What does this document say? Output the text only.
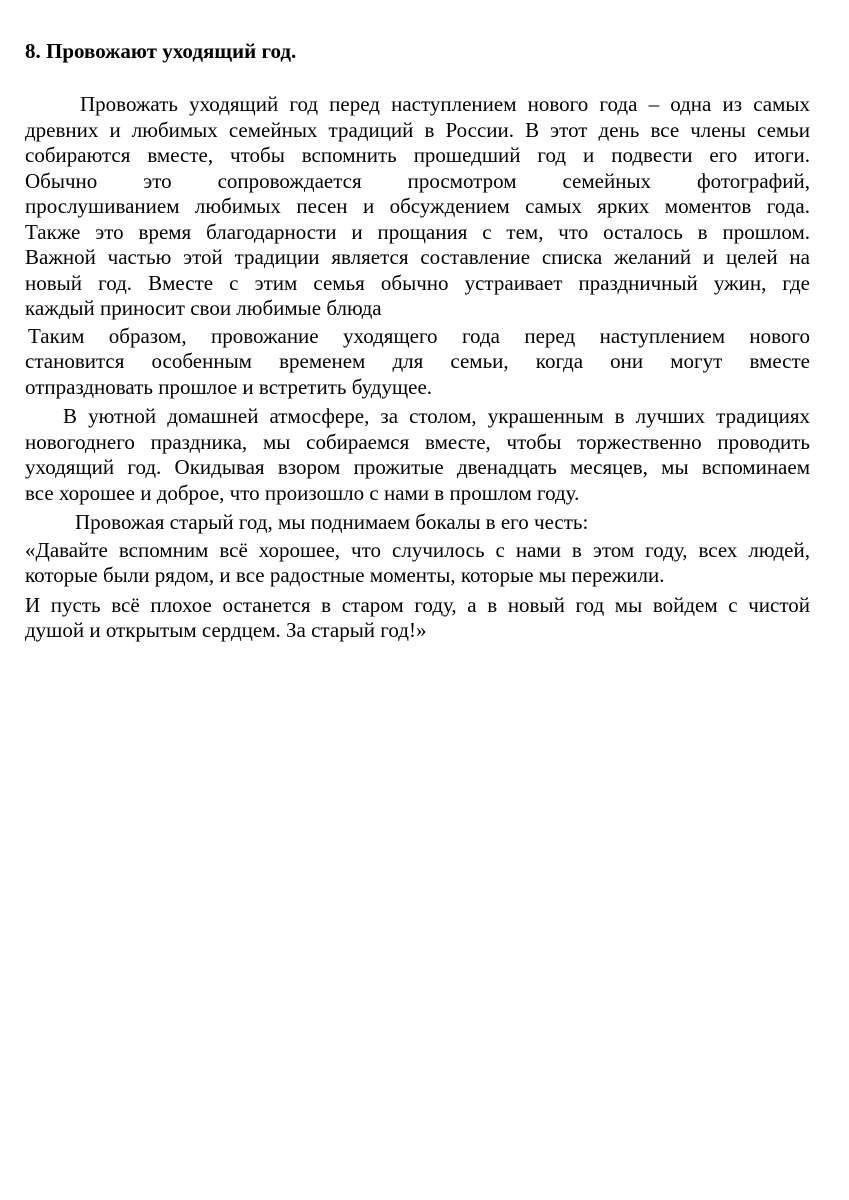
8. Провожают уходящий год.
Провожать уходящий год перед наступлением нового года – одна из самых
древних и любимых семейных традиций в России. В этот день все члены семьи
собираются вместе, чтобы вспомнить прошедший год и подвести его итоги.
Обычно это сопровождается просмотром семейных фотографий,
прослушиванием любимых песен и обсуждением самых ярких моментов года.
Также это время благодарности и прощания с тем, что осталось в прошлом.
Важной частью этой традиции является составление списка желаний и целей на
новый год. Вместе с этим семья обычно устраивает праздничный ужин, где
каждый приносит свои любимые блюда
Таким образом, провожание уходящего года перед наступлением нового
становится особенным временем для семьи, когда они могут вместе
отпраздновать прошлое и встретить будущее.
В уютной домашней атмосфере, за столом, украшенным в лучших традициях
новогоднего праздника, мы собираемся вместе, чтобы торжественно проводить
уходящий год. Окидывая взором прожитые двенадцать месяцев, мы вспоминаем
все хорошее и доброе, что произошло с нами в прошлом году.
Провожая старый год, мы поднимаем бокалы в его честь:
«Давайте вспомним всё хорошее, что случилось с нами в этом году, всех людей,
которые были рядом, и все радостные моменты, которые мы пережили.
И пусть всё плохое останется в старом году, а в новый год мы войдем с чистой
душой и открытым сердцем. За старый год!»
